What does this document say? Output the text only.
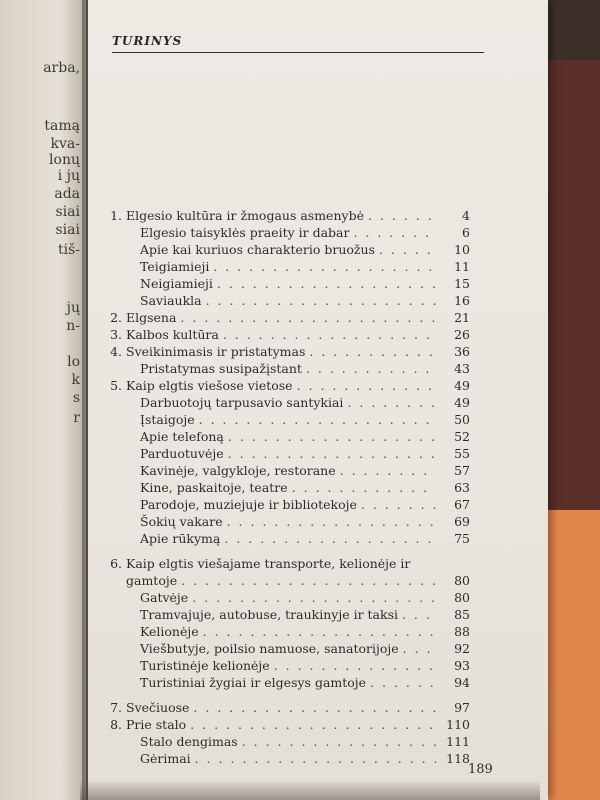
arba,
tamą
kva-
lonų
i jų
ada
siai
siai
tiš-
jų
n-
lo
k
s
r
TURINYS
1. Elgesio kultūra ir žmogaus asmenybė . . .	4
Elgesio taisyklės praeity ir dabar . . .	6
Apie kai kuriuos charakterio bruožus . . .	10
Teigiamieji . . .	11
Neigiamieji . . .	15
Saviauklа . . .	16
2. Elgsena . . .	21
3. Kalbos kultūra . . .	26
4. Sveikinimasis ir pristatymas . . .	36
Pristatymas susipažįstant . . .	43
5. Kaip elgtis viešose vietose . . .	49
Darbuotojų tarpusavio santykiai . . .	49
Įstaigoje . . .	50
Apie telefoną . . .	52
Parduotuvėje . . .	55
Kavinėje, valgykloje, restorane . . .	57
Kine, paskaitoje, teatre . . .	63
Parodoje, muziejuje ir bibliotekoje . . .	67
Šokių vakare . . .	69
Apie rūkymą . . .	75
6. Kaip elgtis viešajame transporte, kelionėje ir
gamtoje . . .	80
Gatvėje . . .	80
Tramvajuje, autobuse, traukinyje ir taksi . . .	85
Kelionėje . . .	88
Viešbutyje, poilsio namuose, sanatorijoje . . .	92
Turistinėje kelionėje . . .	93
Turistiniai žygiai ir elgesys gamtoje . . .	94
7. Svečiuose . . .	97
8. Prie stalo . . .	110
Stalo dengimas . . .	111
Gėrimai . . .	118
189
